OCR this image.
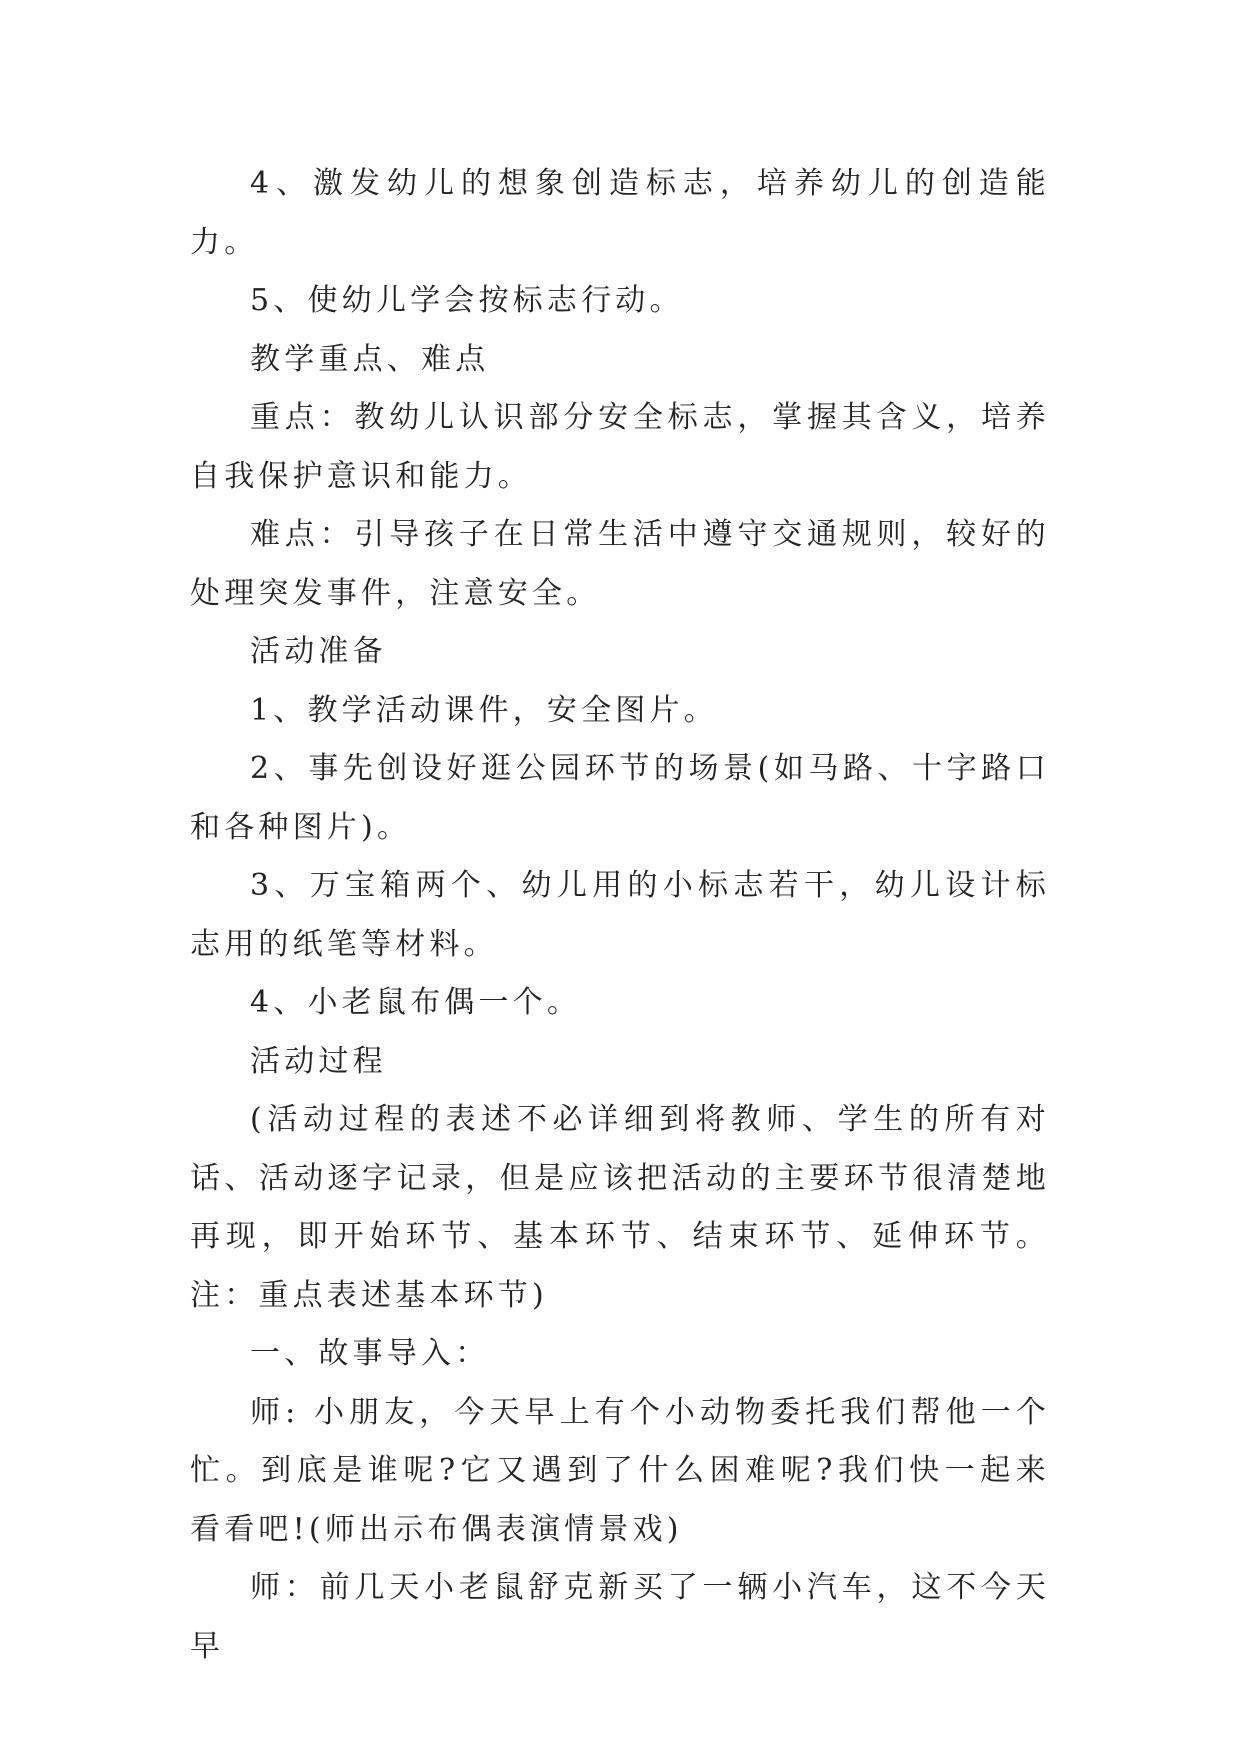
4、激发幼儿的想象创造标志，培养幼儿的创造能力。

5、使幼儿学会按标志行动。

教学重点、难点

重点：教幼儿认识部分安全标志，掌握其含义，培养自我保护意识和能力。

难点：引导孩子在日常生活中遵守交通规则，较好的处理突发事件，注意安全。

活动准备

1、教学活动课件，安全图片。

2、事先创设好逛公园环节的场景(如马路、十字路口和各种图片)。

3、万宝箱两个、幼儿用的小标志若干，幼儿设计标志用的纸笔等材料。

4、小老鼠布偶一个。

活动过程

(活动过程的表述不必详细到将教师、学生的所有对话、活动逐字记录，但是应该把活动的主要环节很清楚地再现，即开始环节、基本环节、结束环节、延伸环节。注：重点表述基本环节)

一、故事导入：

师: 小朋友，今天早上有个小动物委托我们帮他一个忙。到底是谁呢?它又遇到了什么困难呢?我们快一起来看看吧!(师出示布偶表演情景戏)

师：前几天小老鼠舒克新买了一辆小汽车，这不今天早
